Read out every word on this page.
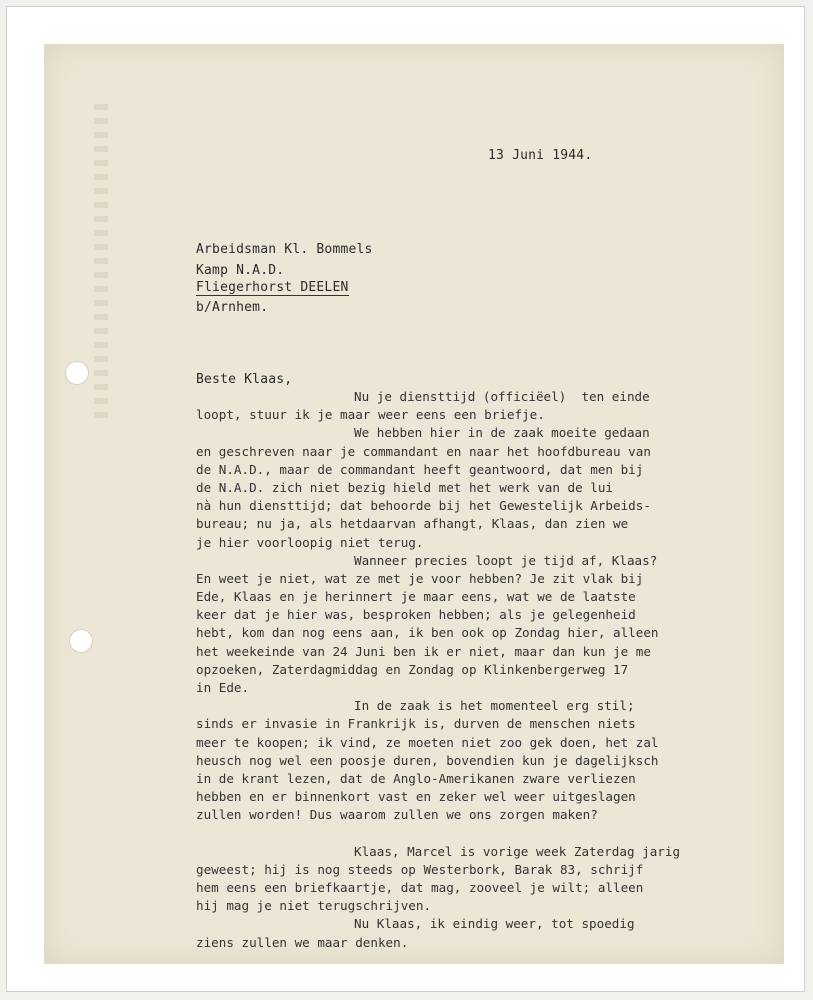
13 Juni 1944.
Arbeidsman Kl. Bommels
Kamp N.A.D.
Fliegerhorst DEELEN
b/Arnhem.
Beste Klaas,
Nu je diensttijd (officiëel)  ten einde
loopt, stuur ik je maar weer eens een briefje.
We hebben hier in de zaak moeite gedaan
en geschreven naar je commandant en naar het hoofdbureau van
de N.A.D., maar de commandant heeft geantwoord, dat men bij
de N.A.D. zich niet bezig hield met het werk van de lui
nà hun diensttijd; dat behoorde bij het Gewestelijk Arbeids-
bureau; nu ja, als hetdaarvan afhangt, Klaas, dan zien we
je hier voorloopig niet terug.
Wanneer precies loopt je tijd af, Klaas?
En weet je niet, wat ze met je voor hebben? Je zit vlak bij
Ede, Klaas en je herinnert je maar eens, wat we de laatste
keer dat je hier was, besproken hebben; als je gelegenheid
hebt, kom dan nog eens aan, ik ben ook op Zondag hier, alleen
het weekeinde van 24 Juni ben ik er niet, maar dan kun je me
opzoeken, Zaterdagmiddag en Zondag op Klinkenbergerweg 17
in Ede.
In de zaak is het momenteel erg stil;
sinds er invasie in Frankrijk is, durven de menschen niets
meer te koopen; ik vind, ze moeten niet zoo gek doen, het zal
heusch nog wel een poosje duren, bovendien kun je dagelijksch
in de krant lezen, dat de Anglo-Amerikanen zware verliezen
hebben en er binnenkort vast en zeker wel weer uitgeslagen
zullen worden! Dus waarom zullen we ons zorgen maken?
Klaas, Marcel is vorige week Zaterdag jarig
geweest; hij is nog steeds op Westerbork, Barak 83, schrijf
hem eens een briefkaartje, dat mag, zooveel je wilt; alleen
hij mag je niet terugschrijven.
Nu Klaas, ik eindig weer, tot spoedig
ziens zullen we maar denken.
